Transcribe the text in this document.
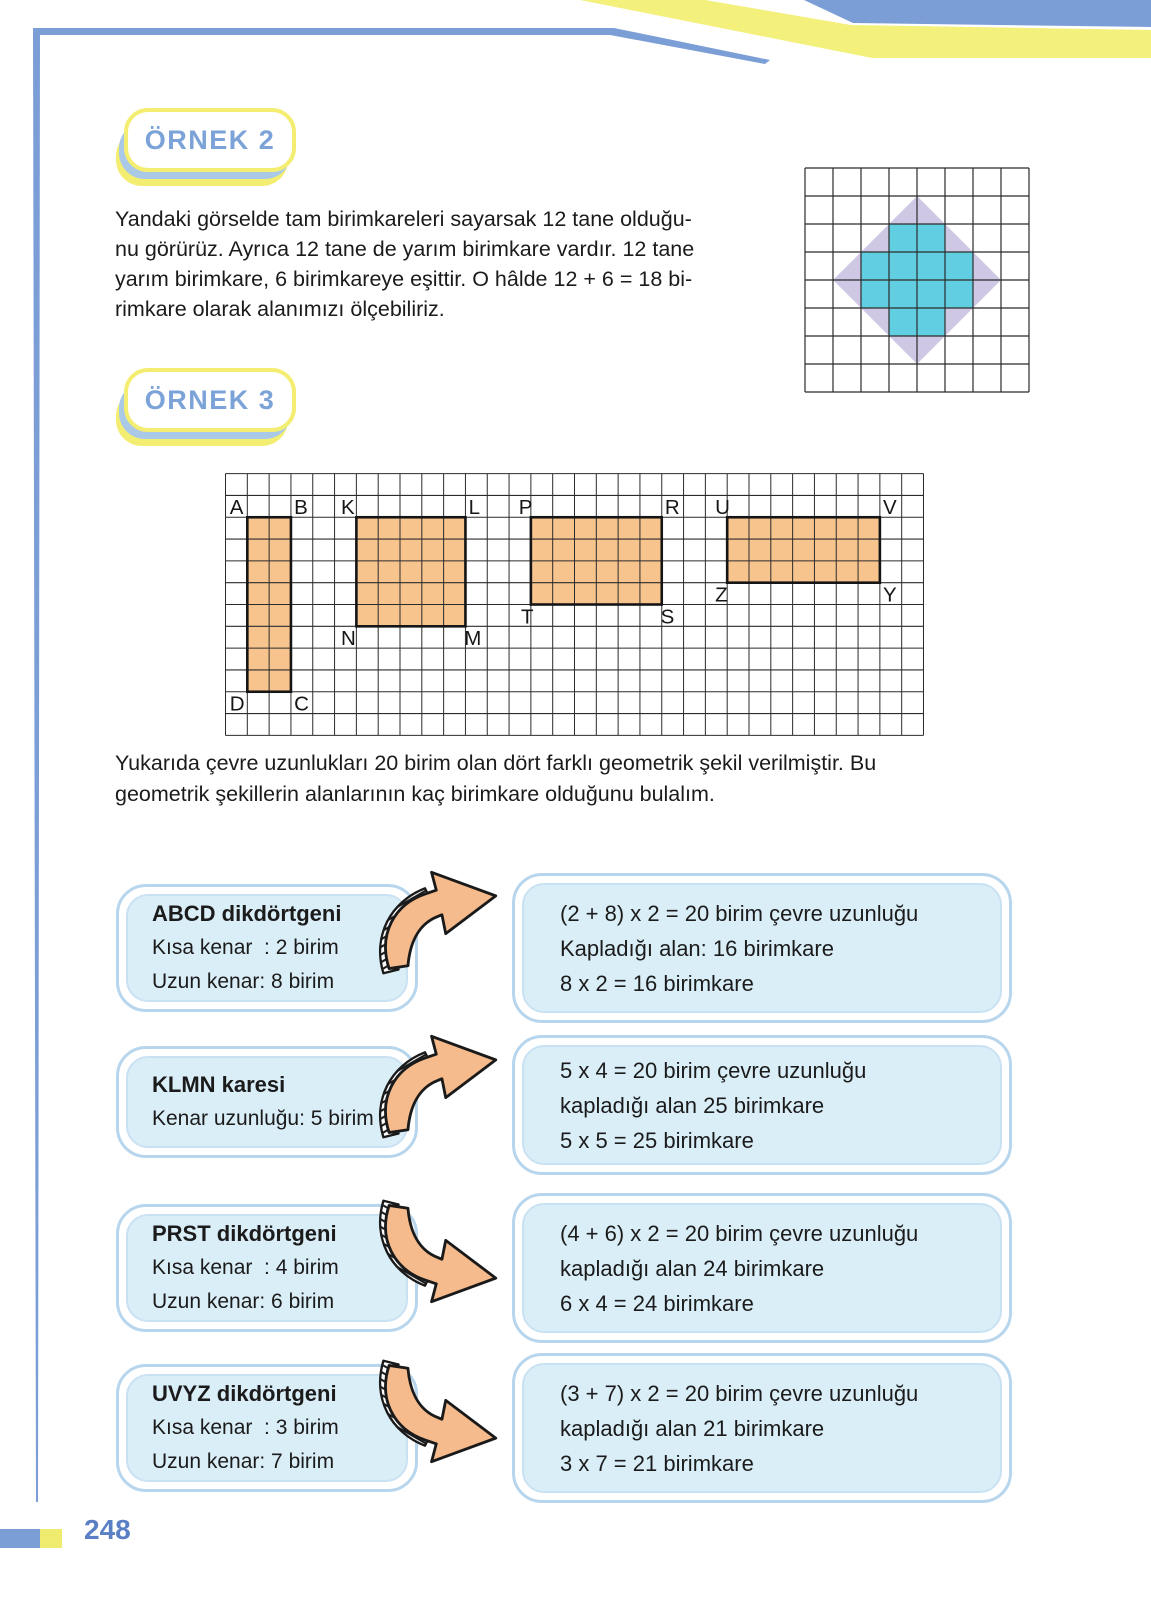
ÖRNEK 2
Yandaki görselde tam birimkareleri sayarsak 12 tane olduğu-
nu görürüz. Ayrıca 12 tane de yarım birimkare vardır. 12 tane
yarım birimkare, 6 birimkareye eşittir. O hâlde 12 + 6 = 18 bi-
rimkare olarak alanımızı ölçebiliriz.
ÖRNEK 3
A B
D C
K	L
N	M
P	R
T	S
U	V
Z	Y
Yukarıda çevre uzunlukları 20 birim olan dört farklı geometrik şekil verilmiştir. Bu
geometrik şekillerin alanlarının kaç birimkare olduğunu bulalım.
ABCD dikdörtgeni
Kısa kenar  : 2 birim
Uzun kenar: 8 birim
(2 + 8) x 2 = 20 birim çevre uzunluğu
Kapladığı alan: 16 birimkare
8 x 2 = 16 birimkare
KLMN karesi
Kenar uzunluğu: 5 birim
5 x 4 = 20 birim çevre uzunluğu
kapladığı alan 25 birimkare
5 x 5 = 25 birimkare
PRST dikdörtgeni
Kısa kenar  : 4 birim
Uzun kenar: 6 birim
(4 + 6) x 2 = 20 birim çevre uzunluğu
kapladığı alan 24 birimkare
6 x 4 = 24 birimkare
UVYZ dikdörtgeni
Kısa kenar  : 3 birim
Uzun kenar: 7 birim
(3 + 7) x 2 = 20 birim çevre uzunluğu
kapladığı alan 21 birimkare
3 x 7 = 21 birimkare
248
